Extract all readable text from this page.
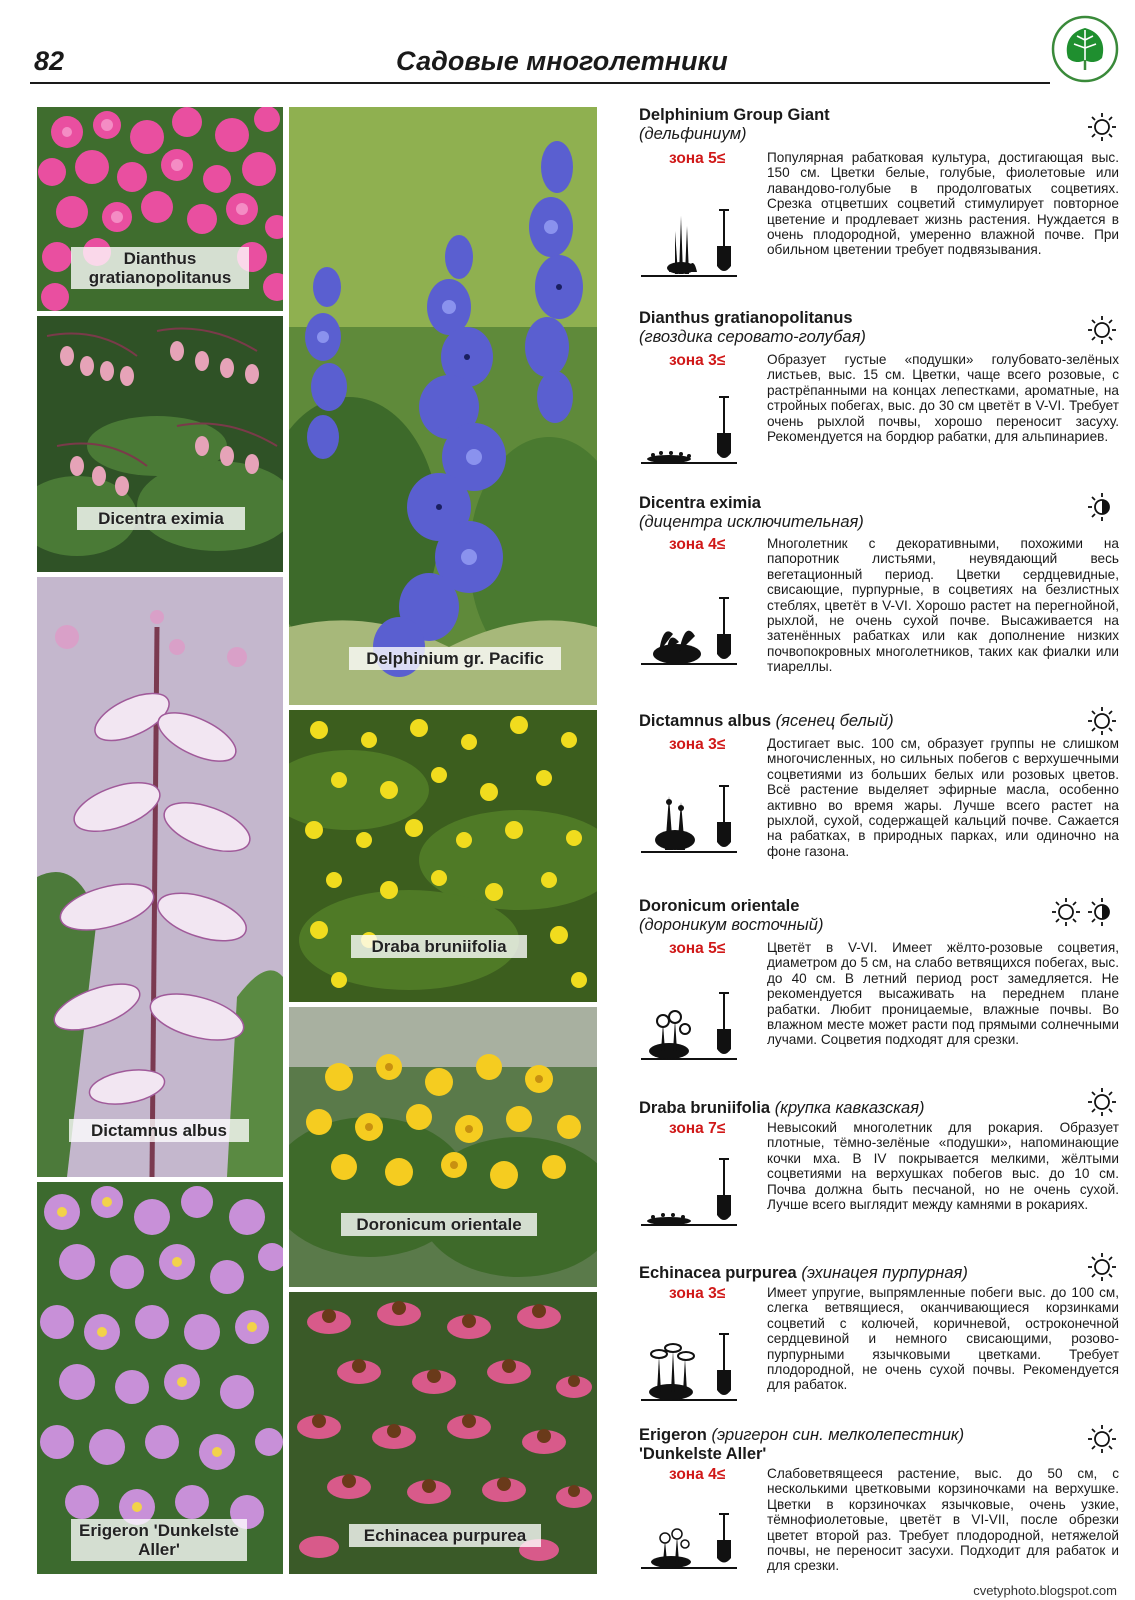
82	Садовые многолетники
Dianthus gratianopolitanus
Dicentra eximia
Dictamnus albus
Erigeron 'Dunkelste Aller'
Delphinium gr. Pacific
Draba bruniifolia
Doronicum orientale
Echinacea purpurea
Delphinium Group Giant
(дельфиниум)
зона 5≤	Популярная рабатковая культура, достигающая выс. 150 см. Цветки белые, голубые, фиолетовые или лавандово-голубые в продолговатых соцветиях. Срезка отцветших соцветий стимулирует повторное цветение и продлевает жизнь растения. Нуждается в очень плодородной, умеренно влажной почве. При обильном цветении требует подвязывания.
Dianthus gratianopolitanus
(гвоздика серовато-голубая)
зона 3≤	Образует густые «подушки» голубовато-зелёных листьев, выс. 15 см. Цветки, чаще всего розовые, с растрёпанными на концах лепестками, ароматные, на стройных побегах, выс. до 30 см цветёт в V-VI. Требует очень рыхлой почвы, хорошо переносит засуху. Рекомендуется на бордюр рабатки, для альпинариев.
Dicentra eximia
(дицентра исключительная)
зона 4≤	Многолетник с декоративными, похожими на папоротник листьями, неувядающий весь вегетационный период. Цветки сердцевидные, свисающие, пурпурные, в соцветиях на безлистных стеблях, цветёт в V-VI. Хорошо растет на перегнойной, рыхлой, не очень сухой почве. Высаживается на затенённых рабатках или как дополнение низких почвопокровных многолетников, таких как фиалки или тиареллы.
Dictamnus albus (ясенец белый)
зона 3≤	Достигает выс. 100 см, образует группы не слишком многочисленных, но сильных побегов с верхушечными соцветиями из больших белых или розовых цветов. Всё растение выделяет эфирные масла, особенно активно во время жары. Лучше всего растет на рыхлой, сухой, содержащей кальций почве. Сажается на рабатках, в природных парках, или одиночно на фоне газона.
Doronicum orientale
(дороникум восточный)
зона 5≤	Цветёт в V-VI. Имеет жёлто-розовые соцветия, диаметром до 5 см, на слабо ветвящихся побегах, выс. до 40 см. В летний период рост замедляется. Не рекомендуется высаживать на переднем плане рабатки. Любит проницаемые, влажные почвы. Во влажном месте может расти под прямыми солнечными лучами. Соцветия подходят для срезки.
Draba bruniifolia (крупка кавказская)
зона 7≤	Невысокий многолетник для рокария. Образует плотные, тёмно-зелёные «подушки», напоминающие кочки мха. В IV покрывается мелкими, жёлтыми соцветиями на верхушках побегов выс. до 10 см. Почва должна быть песчаной, но не очень сухой. Лучше всего выглядит между камнями в рокариях.
Echinacea purpurea (эхинацея пурпурная)
зона 3≤	Имеет упругие, выпрямленные побеги выс. до 100 см, слегка ветвящиеся, оканчивающиеся корзинками соцветий с колючей, коричневой, остроконечной сердцевиной и немного свисающими, розово-пурпурными язычковыми цветками. Требует плодородной, не очень сухой почвы. Рекомендуется для рабаток.
Erigeron (эригерон син. мелколепестник)
'Dunkelste Aller'
зона 4≤	Слабоветвящееся растение, выс. до 50 см, с несколькими цветковыми корзиночками на верхушке. Цветки в корзиночках язычковые, очень узкие, тёмнофиолетовые, цветёт в VI-VII, после обрезки цветет второй раз. Требует плодородной, нетяжелой почвы, не переносит засухи. Подходит для рабаток и для срезки.
cvetyphoto.blogspot.com
